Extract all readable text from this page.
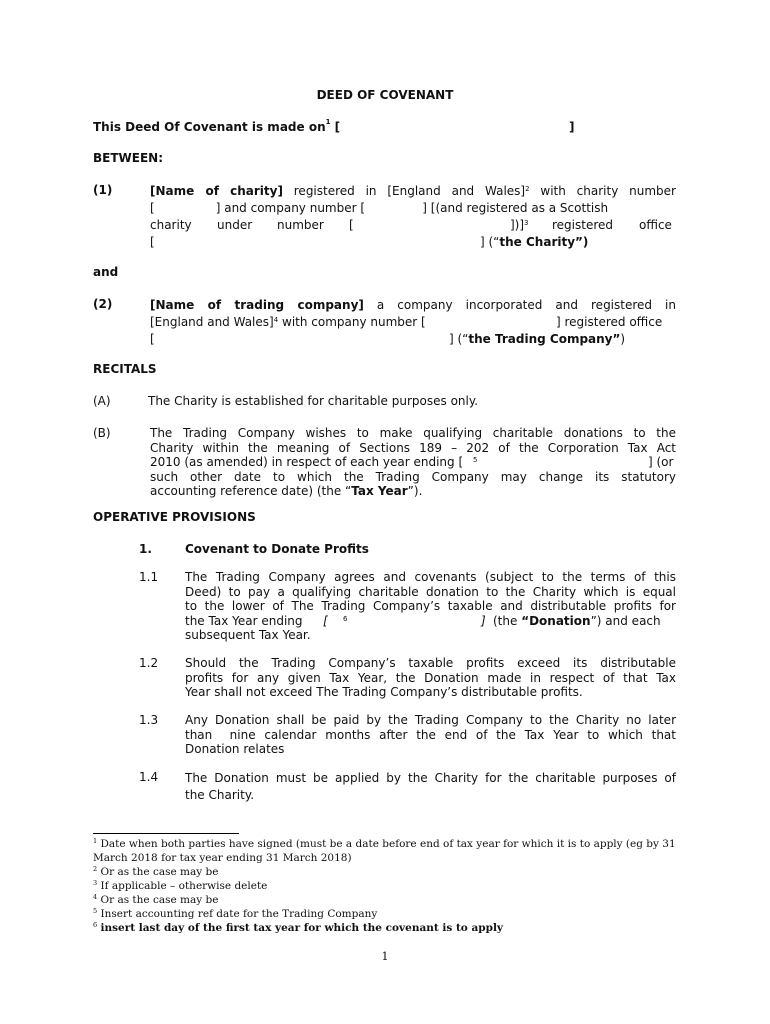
DEED OF COVENANT
This Deed Of Covenant is made $on^1$ [	]
BETWEEN:
(1)	[Name of charity] registered in [England and Wales]$^2$ with charity number
[                ] and company number [               ] [(and registered as a Scottish
charity under number [	])]$^3$ registered office
[	] (“the Charity”)
and
(2)	[Name of trading company] a company incorporated and registered in
[England and Wales]$^4$ with company number [	] registered office
[	] (“the Trading Company”)
RECITALS
(A)	The Charity is established for charitable purposes only.
(B)	The Trading Company wishes to make qualifying charitable donations to the
Charity within the meaning of Sections 189 – 202 of the Corporation Tax Act
2010 (as amended) in respect of each year ending [ $^5$	] (or
such other date to which the Trading Company may change its statutory
accounting reference date) (the “Tax Year”).
OPERATIVE PROVISIONS
1.	Covenant to Donate Profits
1.1 The Trading Company agrees and covenants (subject to the terms of this
Deed) to pay a qualifying charitable donation to the Charity which is equal
to the lower of The Trading Company’s taxable and distributable profits for
the Tax Year ending [ 6	] (the “Donation”) and each
subsequent Tax Year.
1.2 Should the Trading Company’s taxable profits exceed its distributable
profits for any given Tax Year, the Donation made in respect of that Tax
Year shall not exceed The Trading Company’s distributable profits.
1.3 Any Donation shall be paid by the Trading Company to the Charity no later
than  nine calendar months after the end of the Tax Year to which that
Donation relates
1.4 The Donation must be applied by the Charity for the charitable purposes of
the Charity.
$^1$ Date when both parties have signed (must be a date before end of tax year for which it is to apply (eg by 31
March 2018 for tax year ending 31 March 2018)
$^2$ Or as the case may be
$^3$ If applicable – otherwise delete
$^4$ Or as the case may be
$^5$ Insert accounting ref date for the Trading Company
$^6$ insert last day of the first tax year for which the covenant is to apply
1
